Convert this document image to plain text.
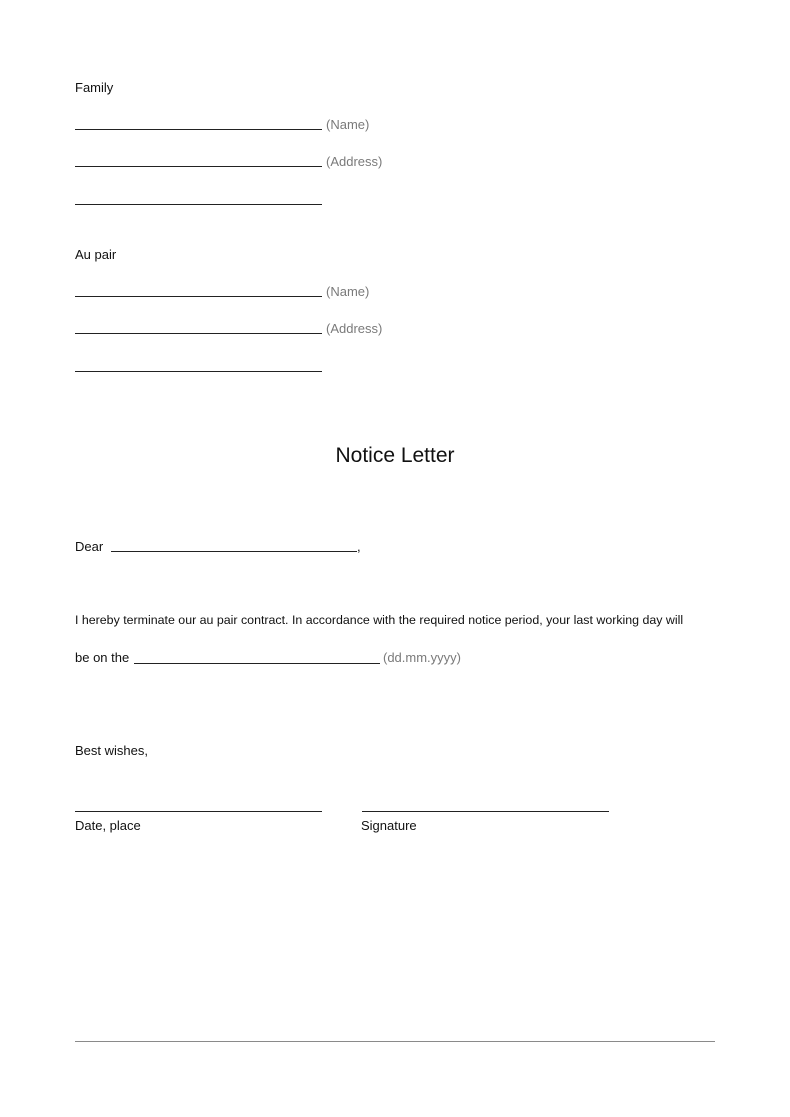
Family
(Name)
(Address)
Au pair
(Name)
(Address)
Notice Letter
Dear	,
I hereby terminate our au pair contract. In accordance with the required notice period, your last working day will
be on the	(dd.mm.yyyy)
Best wishes,
Date, place	Signature
